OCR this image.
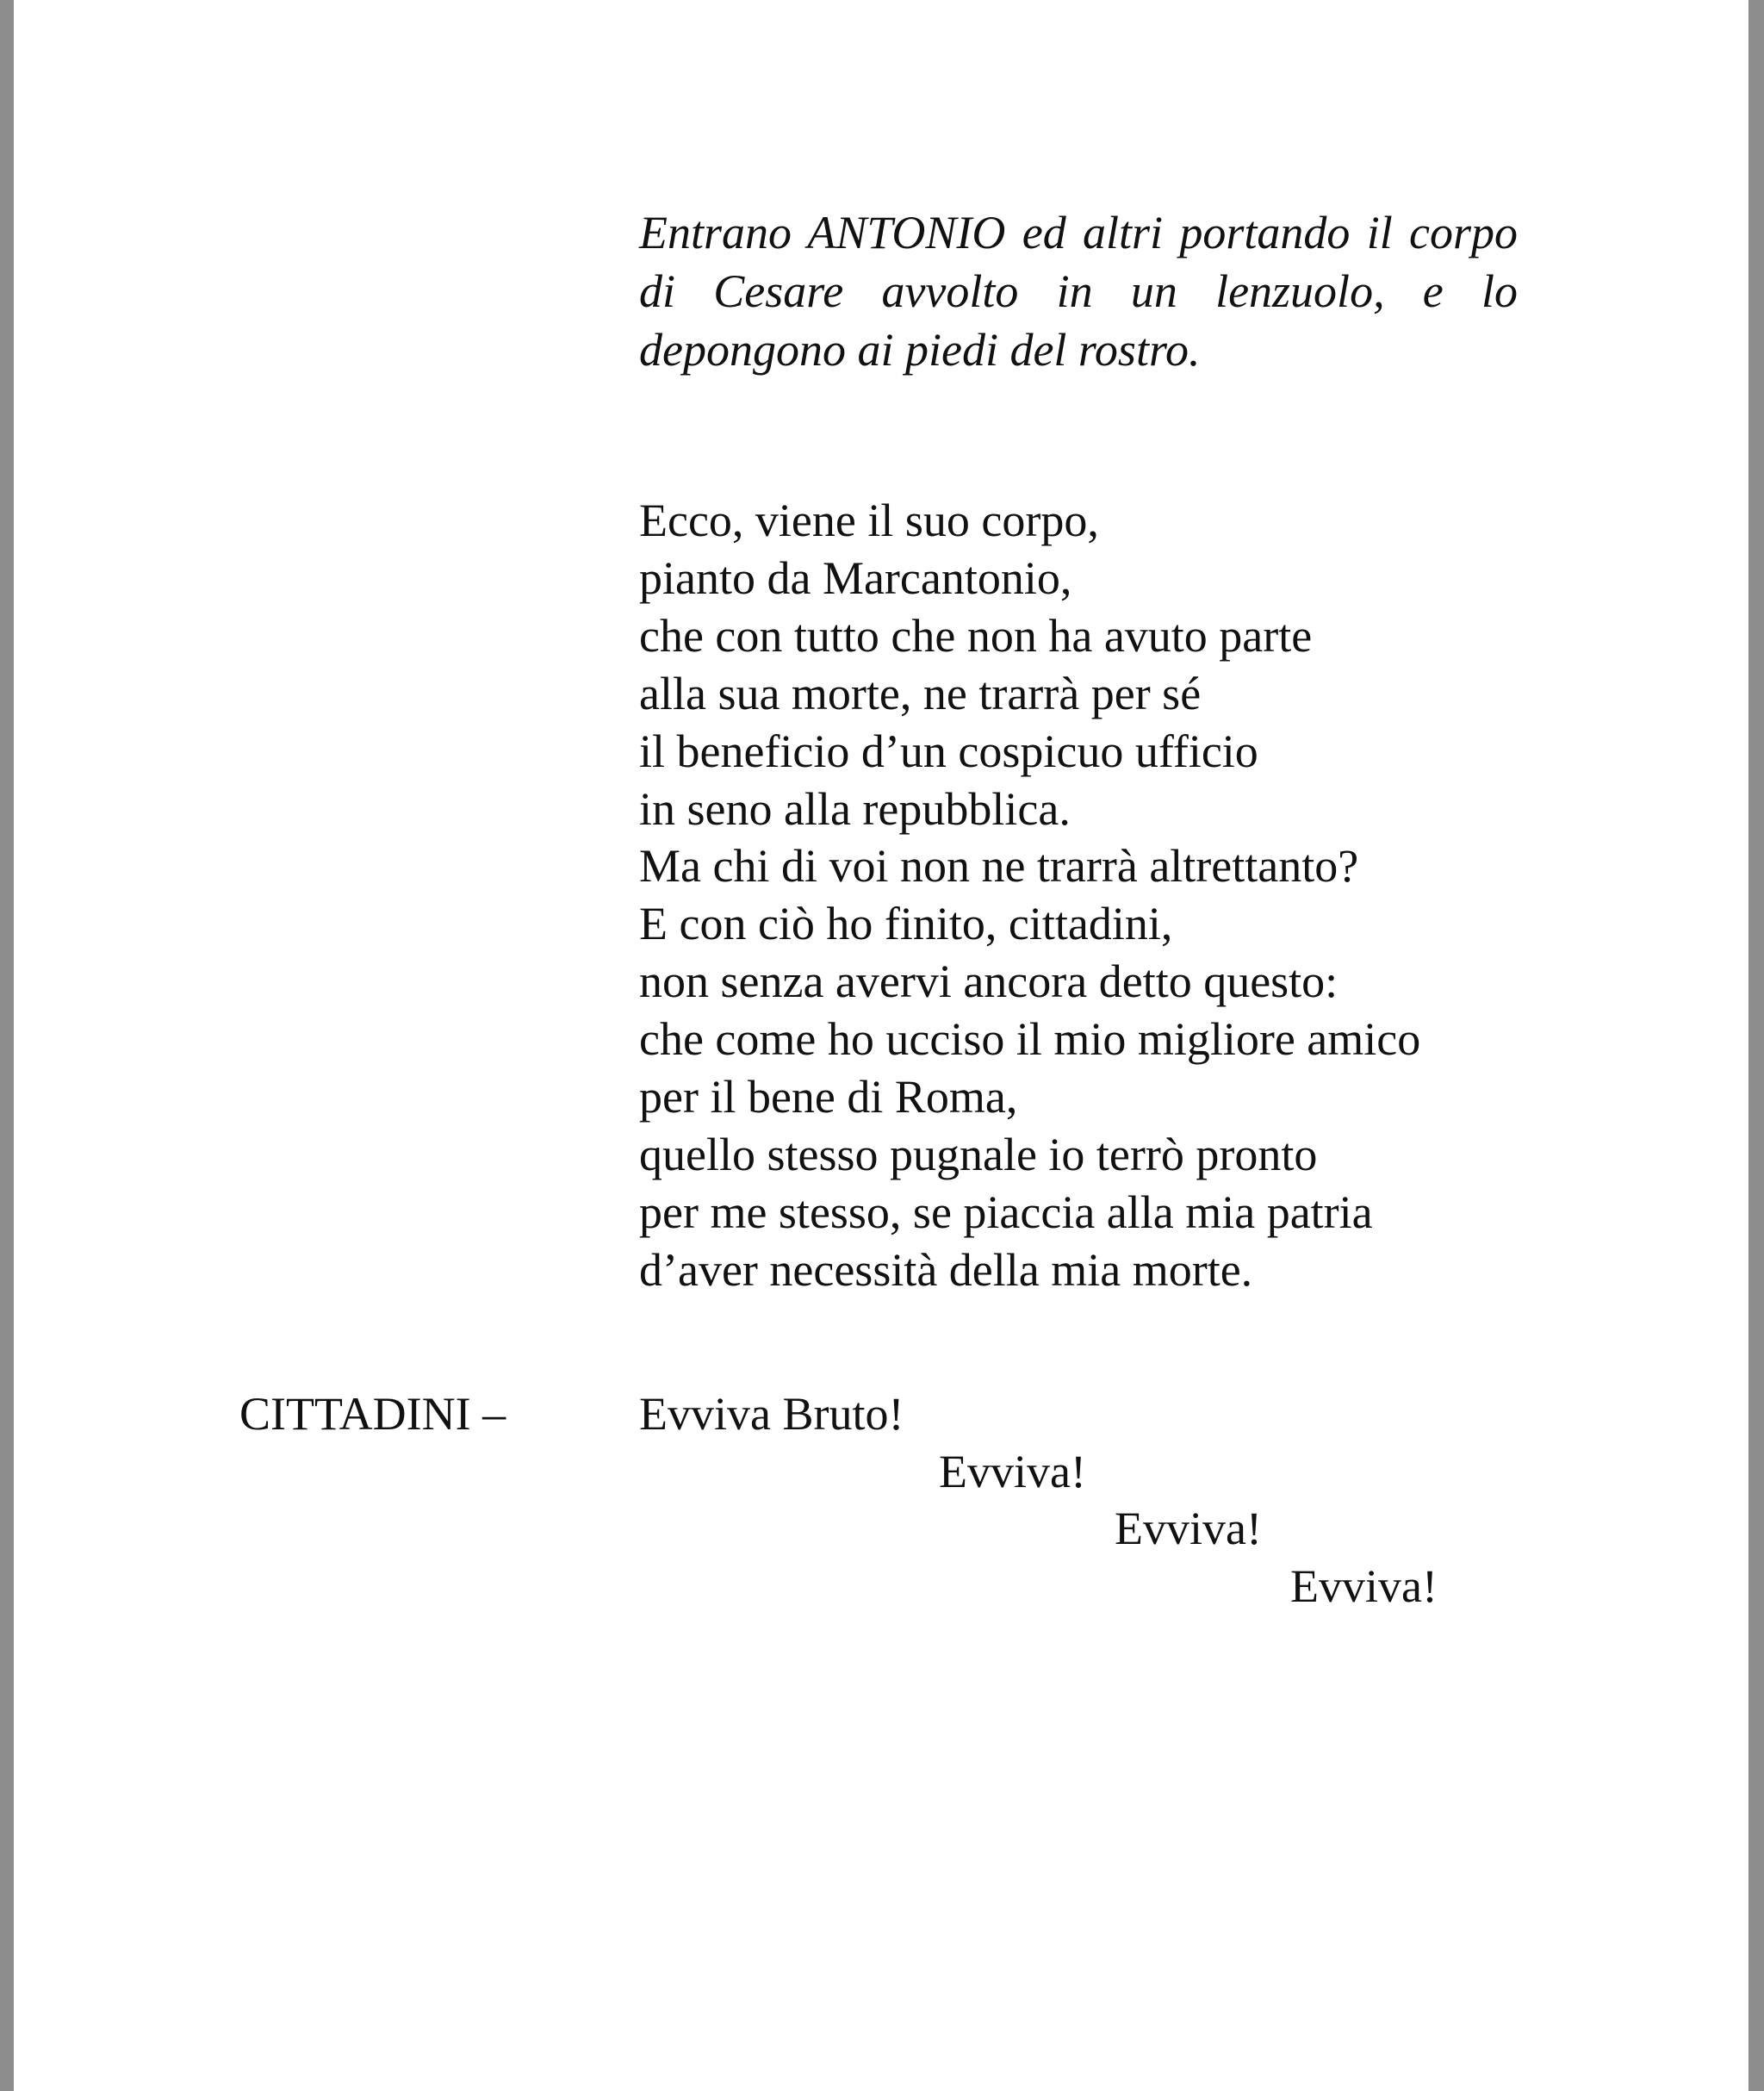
Entrano ANTONIO ed altri portando il corpo di Cesare avvolto in un lenzuolo, e lo depongono ai piedi del rostro.

Ecco, viene il suo corpo,
pianto da Marcantonio,
che con tutto che non ha avuto parte
alla sua morte, ne trarrà per sé
il beneficio d’un cospicuo ufficio
in seno alla repubblica.
Ma chi di voi non ne trarrà altrettanto?
E con ciò ho finito, cittadini,
non senza avervi ancora detto questo:
che come ho ucciso il mio migliore amico
per il bene di Roma,
quello stesso pugnale io terrò pronto
per me stesso, se piaccia alla mia patria
d’aver necessità della mia morte.
CITTADINI –	Evviva Bruto!
Evviva!
Evviva!
Evviva!
